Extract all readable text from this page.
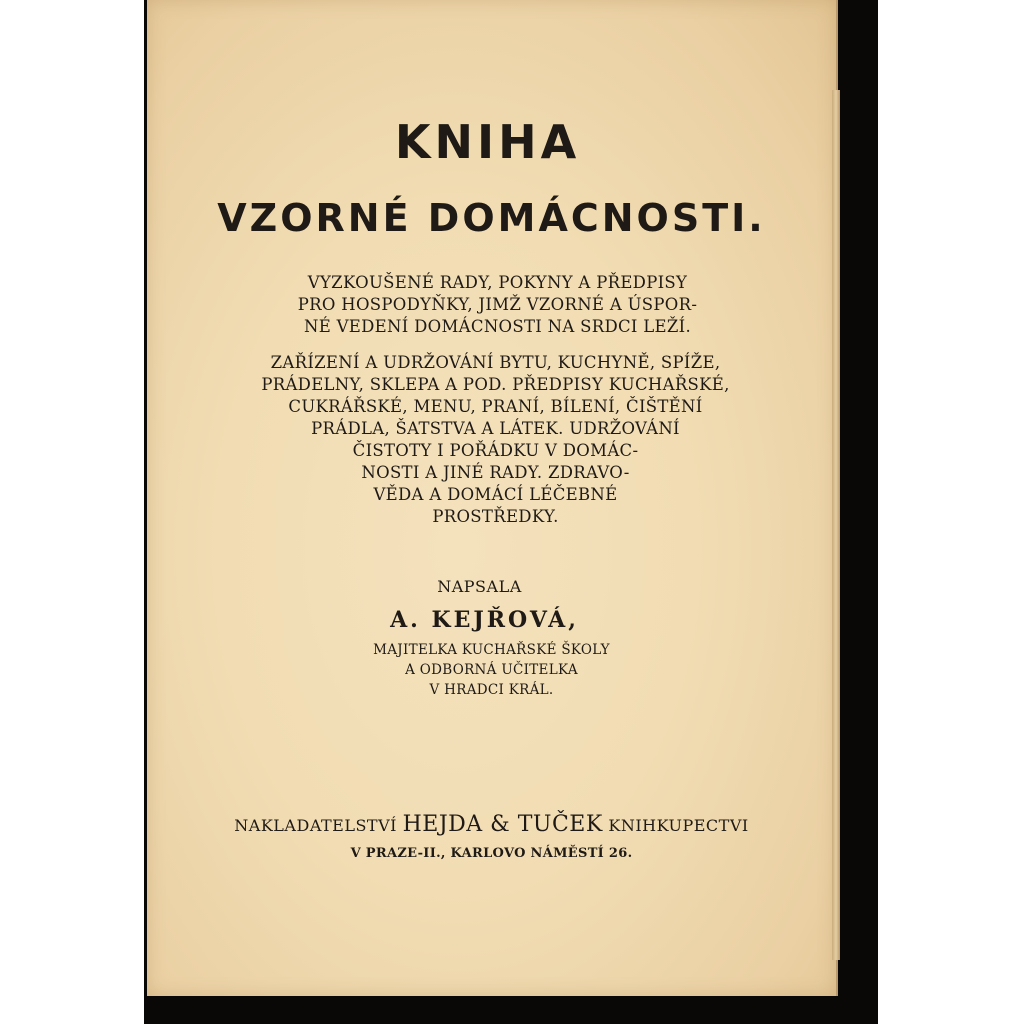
KNIHA
VZORNÉ DOMÁCNOSTI.
VYZKOUŠENÉ RADY, POKYNY A PŘEDPISY
PRO HOSPODYŇKY, JIMŽ VZORNÉ A ÚSPOR-
NÉ VEDENÍ DOMÁCNOSTI NA SRDCI LEŽÍ.
ZAŘÍZENÍ A UDRŽOVÁNÍ BYTU, KUCHYNĚ, SPÍŽE,
PRÁDELNY, SKLEPA A POD. PŘEDPISY KUCHAŘSKÉ,
CUKRÁŘSKÉ, MENU, PRANÍ, BÍLENÍ, ČIŠTĚNÍ
PRÁDLA, ŠATSTVA A LÁTEK. UDRŽOVÁNÍ
ČISTOTY I POŘÁDKU V DOMÁC-
NOSTI A JINÉ RADY. ZDRAVO-
VĚDA A DOMÁCÍ LÉČEBNÉ
PROSTŘEDKY.
NAPSALA
A. KEJŘOVÁ,
MAJITELKA KUCHAŘSKÉ ŠKOLY
A ODBORNÁ UČITELKA
V HRADCI KRÁL.
NAKLADATELSTVÍ HEJDA & TUČEK KNIHKUPECTVI
V PRAZE-II., KARLOVO NÁMĚSTÍ 26.
